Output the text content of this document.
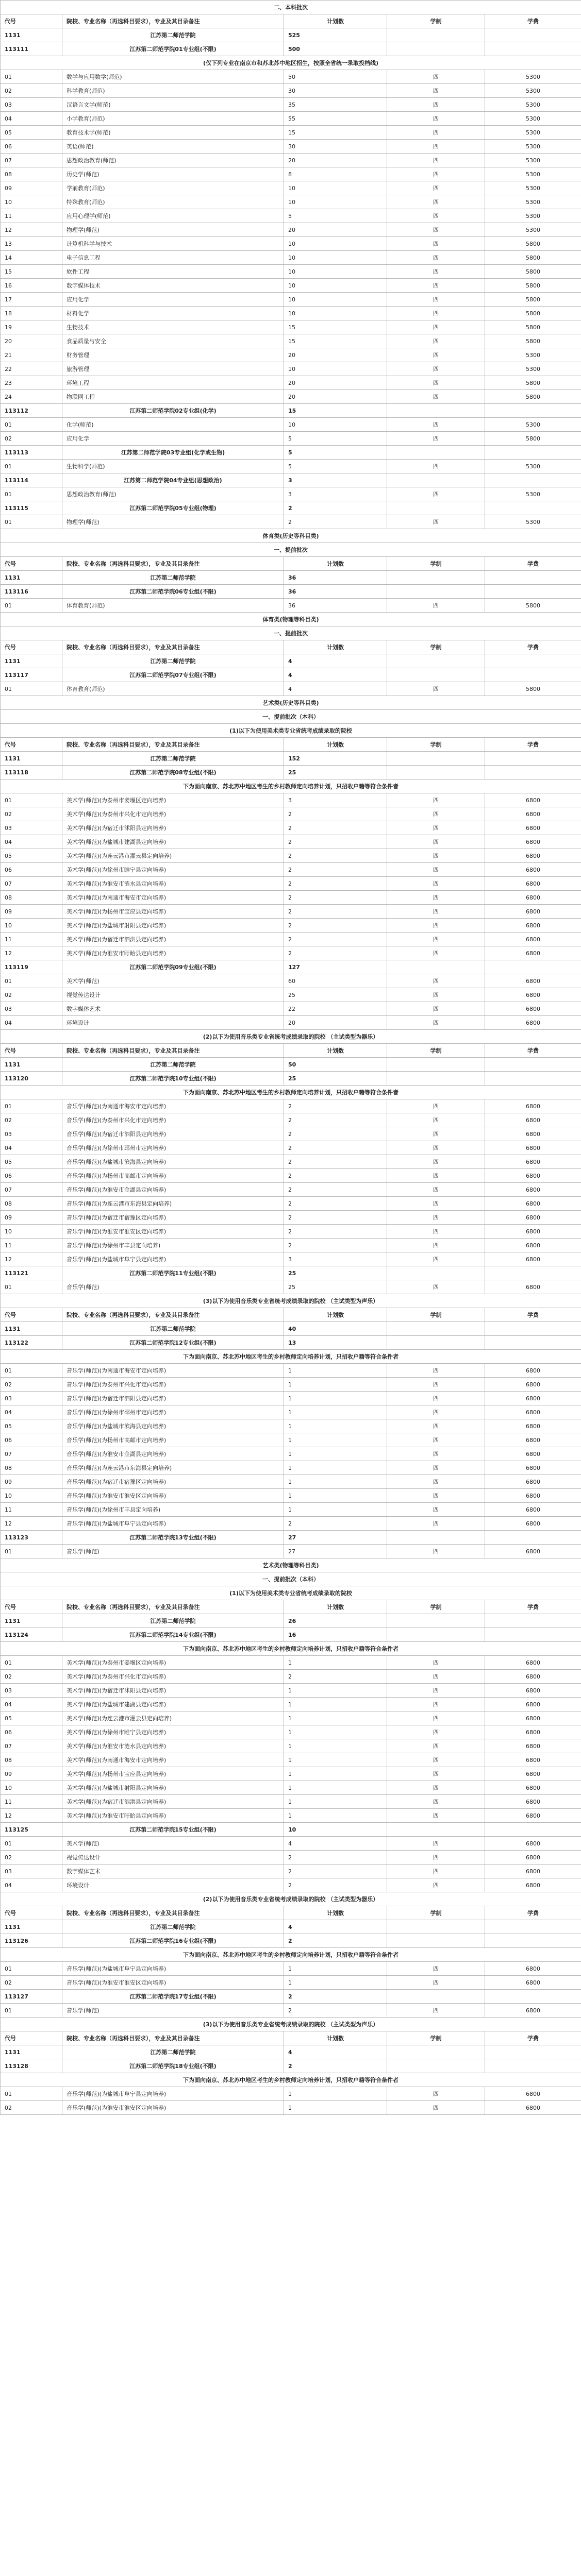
二、本科批次				
代号	院校、专业名称（再选科目要求），专业及其目录备注	计划数	学制	学费
1131	江苏第二师范学院	525		
113111	江苏第二师范学院01专业组(不限)	500		
(仅下列专业在南京市和苏北苏中地区招生，按照全省统一录取投档线)				
01	数学与应用数学(师范)	50	四	5300
02	科学教育(师范)	30	四	5300
03	汉语言文学(师范)	35	四	5300
04	小学教育(师范)	55	四	5300
05	教育技术学(师范)	15	四	5300
06	英语(师范)	30	四	5300
07	思想政治教育(师范)	20	四	5300
08	历史学(师范)	8	四	5300
09	学前教育(师范)	10	四	5300
10	特殊教育(师范)	10	四	5300
11	应用心理学(师范)	5	四	5300
12	物理学(师范)	20	四	5300
13	计算机科学与技术	10	四	5800
14	电子信息工程	10	四	5800
15	软件工程	10	四	5800
16	数字媒体技术	10	四	5800
17	应用化学	10	四	5800
18	材料化学	10	四	5800
19	生物技术	15	四	5800
20	食品质量与安全	15	四	5800
21	财务管理	20	四	5300
22	旅游管理	10	四	5300
23	环境工程	20	四	5800
24	物联网工程	20	四	5800
113112	江苏第二师范学院02专业组(化学)	15		
01	化学(师范)	10	四	5300
02	应用化学	5	四	5800
113113	江苏第二师范学院03专业组(化学或生物)	5		
01	生物科学(师范)	5	四	5300
113114	江苏第二师范学院04专业组(思想政治)	3		
01	思想政治教育(师范)	3	四	5300
113115	江苏第二师范学院05专业组(物理)	2		
01	物理学(师范)	2	四	5300
体育类(历史等科目类)				
一、提前批次				
代号	院校、专业名称（再选科目要求），专业及其目录备注	计划数	学制	学费
1131	江苏第二师范学院	36		
113116	江苏第二师范学院06专业组(不限)	36		
01	体育教育(师范)	36	四	5800
体育类(物理等科目类)				
一、提前批次				
代号	院校、专业名称（再选科目要求），专业及其目录备注	计划数	学制	学费
1131	江苏第二师范学院	4		
113117	江苏第二师范学院07专业组(不限)	4		
01	体育教育(师范)	4	四	5800
艺术类(历史等科目类)				
一、提前批次（本科）				
(1)以下为使用美术类专业省统考成绩录取的院校				
代号	院校、专业名称（再选科目要求），专业及其目录备注	计划数	学制	学费
1131	江苏第二师范学院	152		
113118	江苏第二师范学院08专业组(不限)	25		
下为面向南京、苏北苏中地区考生的乡村教师定向培养计划，只招收户籍等符合条件者				
01	美术学(师范)(为泰州市姜堰区定向培养)	3	四	6800
02	美术学(师范)(为泰州市兴化市定向培养)	2	四	6800
03	美术学(师范)(为宿迁市沭阳县定向培养)	2	四	6800
04	美术学(师范)(为盐城市建湖县定向培养)	2	四	6800
05	美术学(师范)(为连云港市灌云县定向培养)	2	四	6800
06	美术学(师范)(为徐州市睢宁县定向培养)	2	四	6800
07	美术学(师范)(为淮安市涟水县定向培养)	2	四	6800
08	美术学(师范)(为南通市海安市定向培养)	2	四	6800
09	美术学(师范)(为扬州市宝应县定向培养)	2	四	6800
10	美术学(师范)(为盐城市射阳县定向培养)	2	四	6800
11	美术学(师范)(为宿迁市泗洪县定向培养)	2	四	6800
12	美术学(师范)(为淮安市盱眙县定向培养)	2	四	6800
113119	江苏第二师范学院09专业组(不限)	127		
01	美术学(师范)	60	四	6800
02	视觉传达设计	25	四	6800
03	数字媒体艺术	22	四	6800
04	环境设计	20	四	6800
(2)以下为使用音乐类专业省统考成绩录取的院校 （主试类型为器乐）				
代号	院校、专业名称（再选科目要求），专业及其目录备注	计划数	学制	学费
1131	江苏第二师范学院	50		
113120	江苏第二师范学院10专业组(不限)	25		
下为面向南京、苏北苏中地区考生的乡村教师定向培养计划，只招收户籍等符合条件者				
01	音乐学(师范)(为南通市海安市定向培养)	2	四	6800
02	音乐学(师范)(为泰州市兴化市定向培养)	2	四	6800
03	音乐学(师范)(为宿迁市泗阳县定向培养)	2	四	6800
04	音乐学(师范)(为徐州市邳州市定向培养)	2	四	6800
05	音乐学(师范)(为盐城市滨海县定向培养)	2	四	6800
06	音乐学(师范)(为扬州市高邮市定向培养)	2	四	6800
07	音乐学(师范)(为淮安市金湖县定向培养)	2	四	6800
08	音乐学(师范)(为连云港市东海县定向培养)	2	四	6800
09	音乐学(师范)(为宿迁市宿豫区定向培养)	2	四	6800
10	音乐学(师范)(为淮安市淮安区定向培养)	2	四	6800
11	音乐学(师范)(为徐州市丰县定向培养)	2	四	6800
12	音乐学(师范)(为盐城市阜宁县定向培养)	3	四	6800
113121	江苏第二师范学院11专业组(不限)	25		
01	音乐学(师范)	25	四	6800
(3)以下为使用音乐类专业省统考成绩录取的院校 （主试类型为声乐）				
代号	院校、专业名称（再选科目要求），专业及其目录备注	计划数	学制	学费
1131	江苏第二师范学院	40		
113122	江苏第二师范学院12专业组(不限)	13		
下为面向南京、苏北苏中地区考生的乡村教师定向培养计划，只招收户籍等符合条件者				
01	音乐学(师范)(为南通市海安市定向培养)	1	四	6800
02	音乐学(师范)(为泰州市兴化市定向培养)	1	四	6800
03	音乐学(师范)(为宿迁市泗阳县定向培养)	1	四	6800
04	音乐学(师范)(为徐州市邳州市定向培养)	1	四	6800
05	音乐学(师范)(为盐城市滨海县定向培养)	1	四	6800
06	音乐学(师范)(为扬州市高邮市定向培养)	1	四	6800
07	音乐学(师范)(为淮安市金湖县定向培养)	1	四	6800
08	音乐学(师范)(为连云港市东海县定向培养)	1	四	6800
09	音乐学(师范)(为宿迁市宿豫区定向培养)	1	四	6800
10	音乐学(师范)(为淮安市淮安区定向培养)	1	四	6800
11	音乐学(师范)(为徐州市丰县定向培养)	1	四	6800
12	音乐学(师范)(为盐城市阜宁县定向培养)	2	四	6800
113123	江苏第二师范学院13专业组(不限)	27		
01	音乐学(师范)	27	四	6800
艺术类(物理等科目类)				
一、提前批次（本科）				
(1)以下为使用美术类专业省统考成绩录取的院校				
代号	院校、专业名称（再选科目要求），专业及其目录备注	计划数	学制	学费
1131	江苏第二师范学院	26		
113124	江苏第二师范学院14专业组(不限)	16		
下为面向南京、苏北苏中地区考生的乡村教师定向培养计划，只招收户籍等符合条件者				
01	美术学(师范)(为泰州市姜堰区定向培养)	1	四	6800
02	美术学(师范)(为泰州市兴化市定向培养)	2	四	6800
03	美术学(师范)(为宿迁市沭阳县定向培养)	1	四	6800
04	美术学(师范)(为盐城市建湖县定向培养)	1	四	6800
05	美术学(师范)(为连云港市灌云县定向培养)	1	四	6800
06	美术学(师范)(为徐州市睢宁县定向培养)	1	四	6800
07	美术学(师范)(为淮安市涟水县定向培养)	1	四	6800
08	美术学(师范)(为南通市海安市定向培养)	1	四	6800
09	美术学(师范)(为扬州市宝应县定向培养)	1	四	6800
10	美术学(师范)(为盐城市射阳县定向培养)	1	四	6800
11	美术学(师范)(为宿迁市泗洪县定向培养)	1	四	6800
12	美术学(师范)(为淮安市盱眙县定向培养)	1	四	6800
113125	江苏第二师范学院15专业组(不限)	10		
01	美术学(师范)	4	四	6800
02	视觉传达设计	2	四	6800
03	数字媒体艺术	2	四	6800
04	环境设计	2	四	6800
(2)以下为使用音乐类专业省统考成绩录取的院校 （主试类型为器乐）				
代号	院校、专业名称（再选科目要求），专业及其目录备注	计划数	学制	学费
1131	江苏第二师范学院	4		
113126	江苏第二师范学院16专业组(不限)	2		
下为面向南京、苏北苏中地区考生的乡村教师定向培养计划，只招收户籍等符合条件者				
01	音乐学(师范)(为盐城市阜宁县定向培养)	1	四	6800
02	音乐学(师范)(为淮安市淮安区定向培养)	1	四	6800
113127	江苏第二师范学院17专业组(不限)	2		
01	音乐学(师范)	2	四	6800
(3)以下为使用音乐类专业省统考成绩录取的院校 （主试类型为声乐）				
代号	院校、专业名称（再选科目要求），专业及其目录备注	计划数	学制	学费
1131	江苏第二师范学院	4		
113128	江苏第二师范学院18专业组(不限)	2		
下为面向南京、苏北苏中地区考生的乡村教师定向培养计划，只招收户籍等符合条件者				
01	音乐学(师范)(为盐城市阜宁县定向培养)	1	四	6800
02	音乐学(师范)(为淮安市淮安区定向培养)	1	四	6800
